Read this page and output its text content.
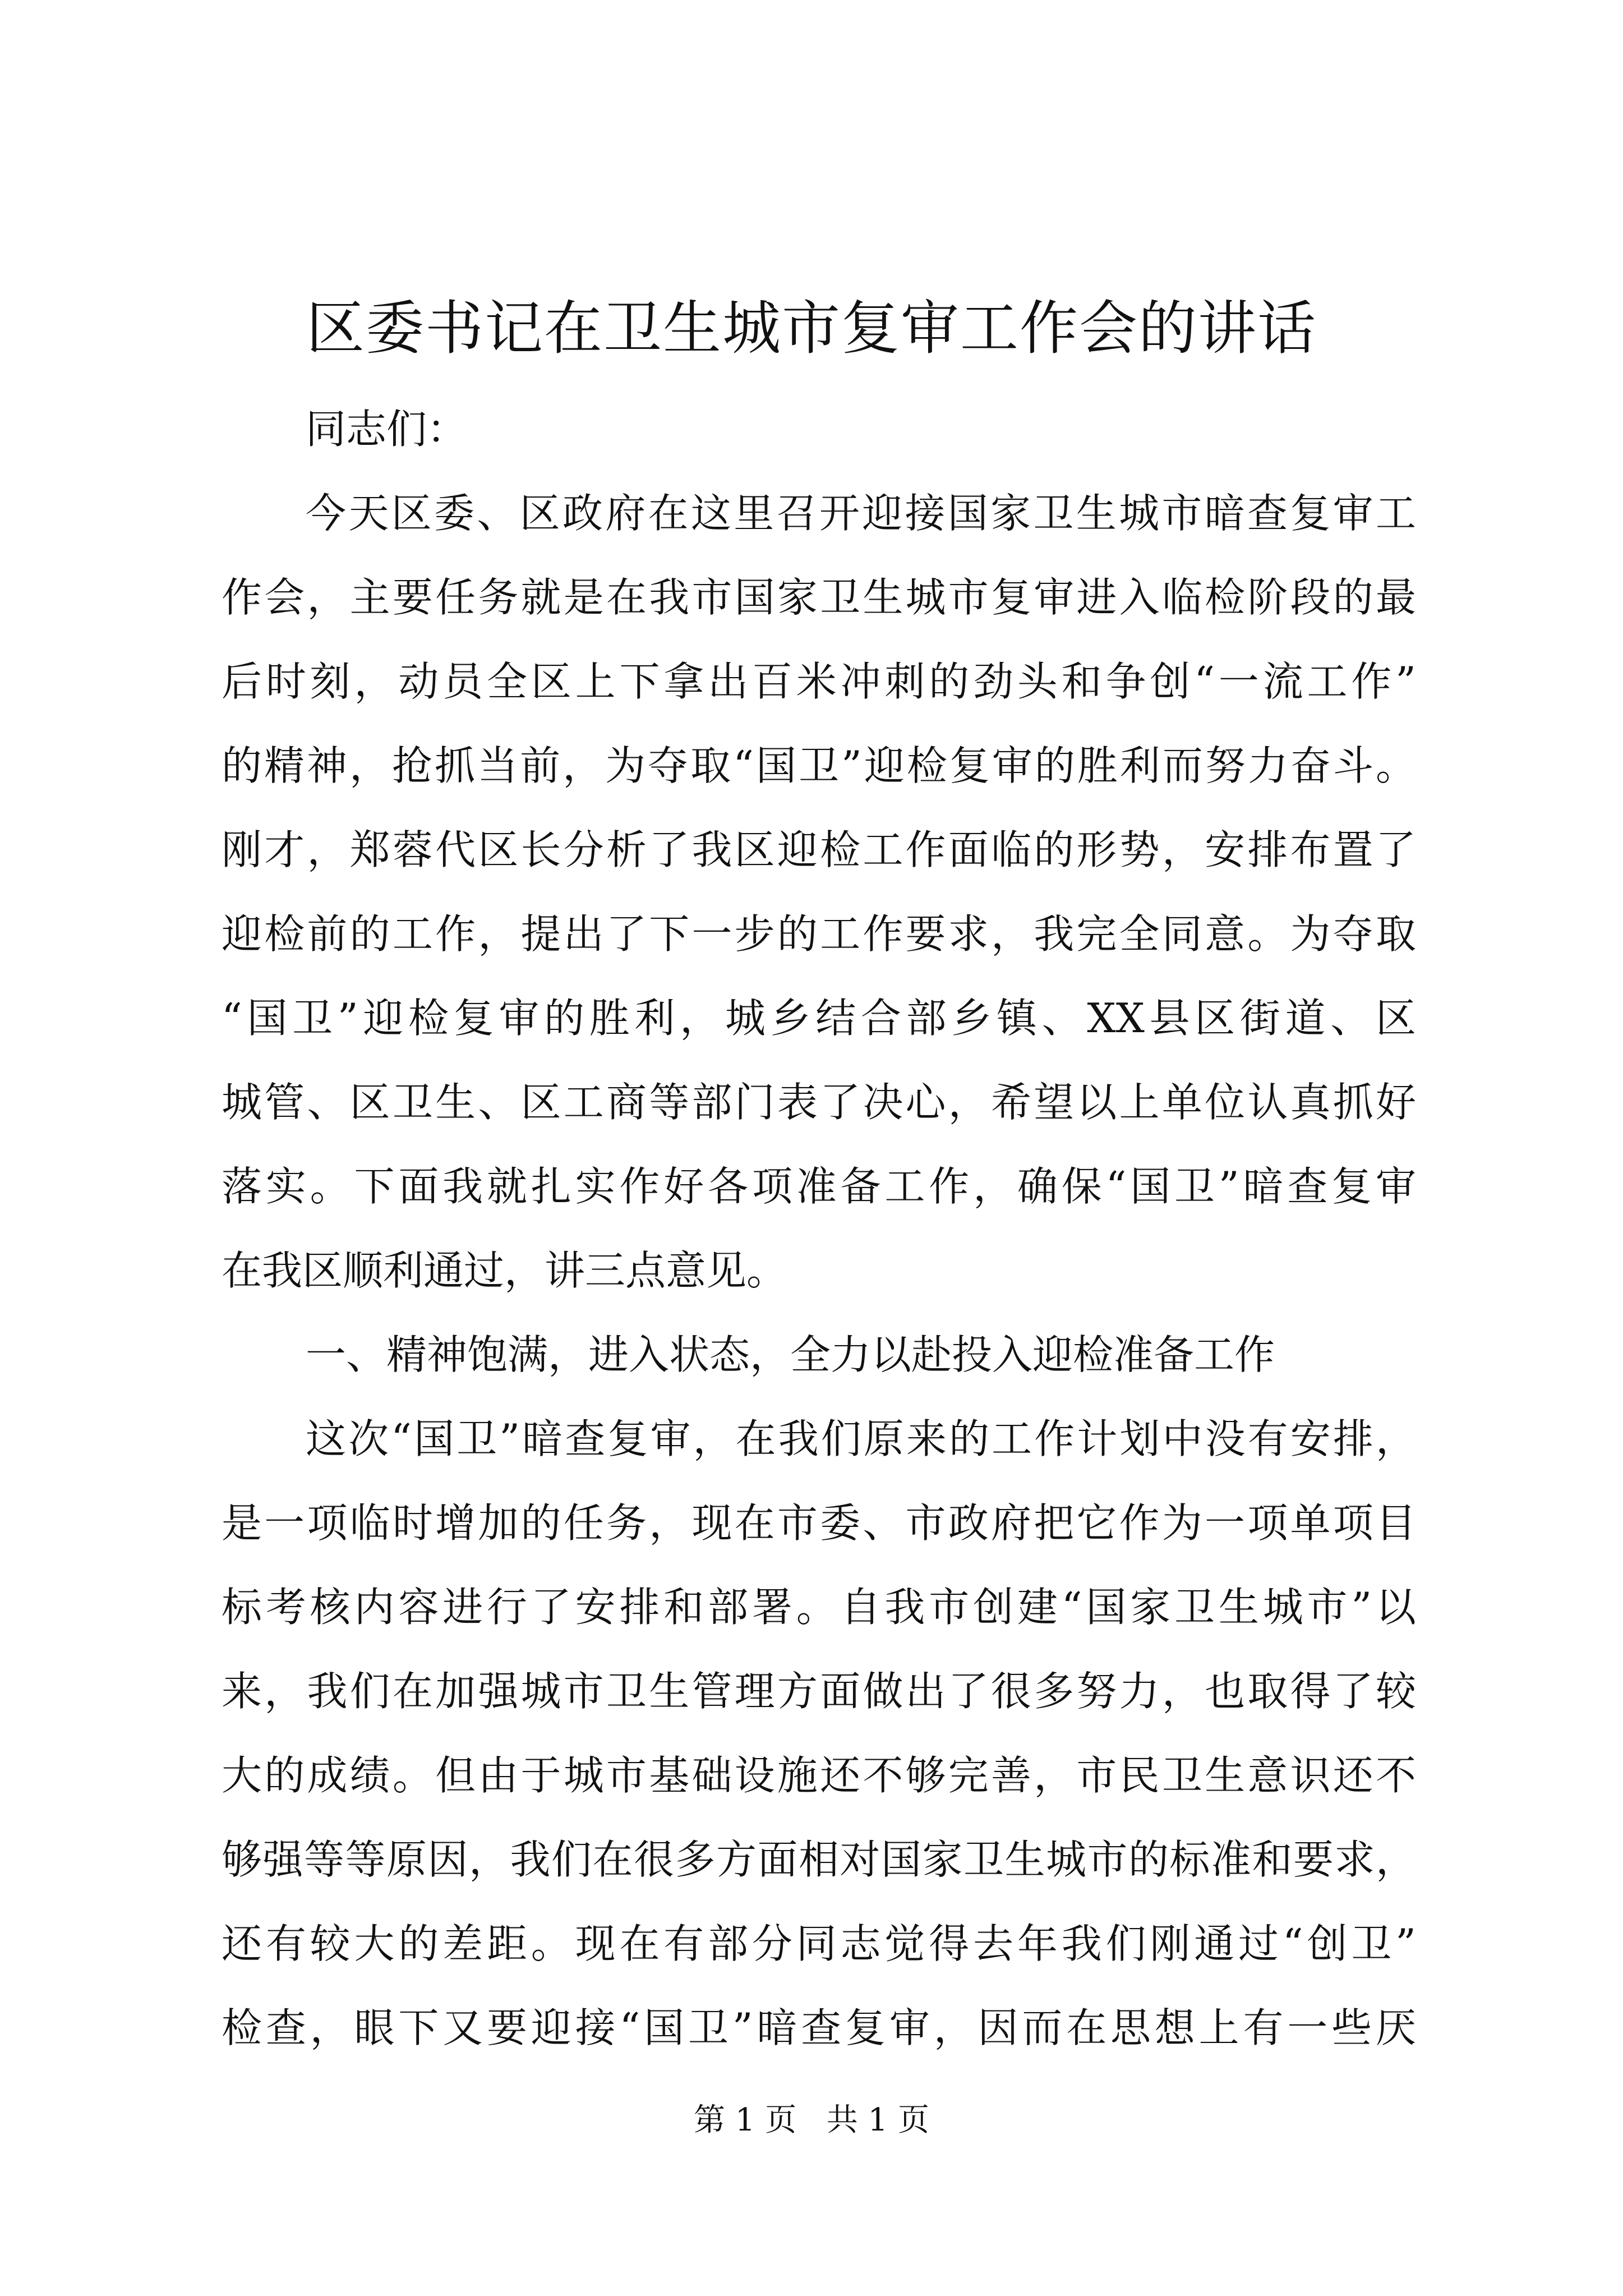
区委书记在卫生城市复审工作会的讲话
同志们：
今天区委、区政府在这里召开迎接国家卫生城市暗查复审工
作会，主要任务就是在我市国家卫生城市复审进入临检阶段的最
后时刻，动员全区上下拿出百米冲刺的劲头和争创“一流工作”
的精神，抢抓当前，为夺取“国卫”迎检复审的胜利而努力奋斗。
刚才，郑蓉代区长分析了我区迎检工作面临的形势，安排布置了
迎检前的工作，提出了下一步的工作要求，我完全同意。为夺取
“国卫”迎检复审的胜利，城乡结合部乡镇、XX县区街道、区
城管、区卫生、区工商等部门表了决心，希望以上单位认真抓好
落实。下面我就扎实作好各项准备工作，确保“国卫”暗查复审
在我区顺利通过，讲三点意见。
一、精神饱满，进入状态，全力以赴投入迎检准备工作
这次“国卫”暗查复审，在我们原来的工作计划中没有安排，
是一项临时增加的任务，现在市委、市政府把它作为一项单项目
标考核内容进行了安排和部署。自我市创建“国家卫生城市”以
来，我们在加强城市卫生管理方面做出了很多努力，也取得了较
大的成绩。但由于城市基础设施还不够完善，市民卫生意识还不
够强等等原因，我们在很多方面相对国家卫生城市的标准和要求，
还有较大的差距。现在有部分同志觉得去年我们刚通过“创卫”
检查，眼下又要迎接“国卫”暗查复审，因而在思想上有一些厌
第 1 页 共 1 页
